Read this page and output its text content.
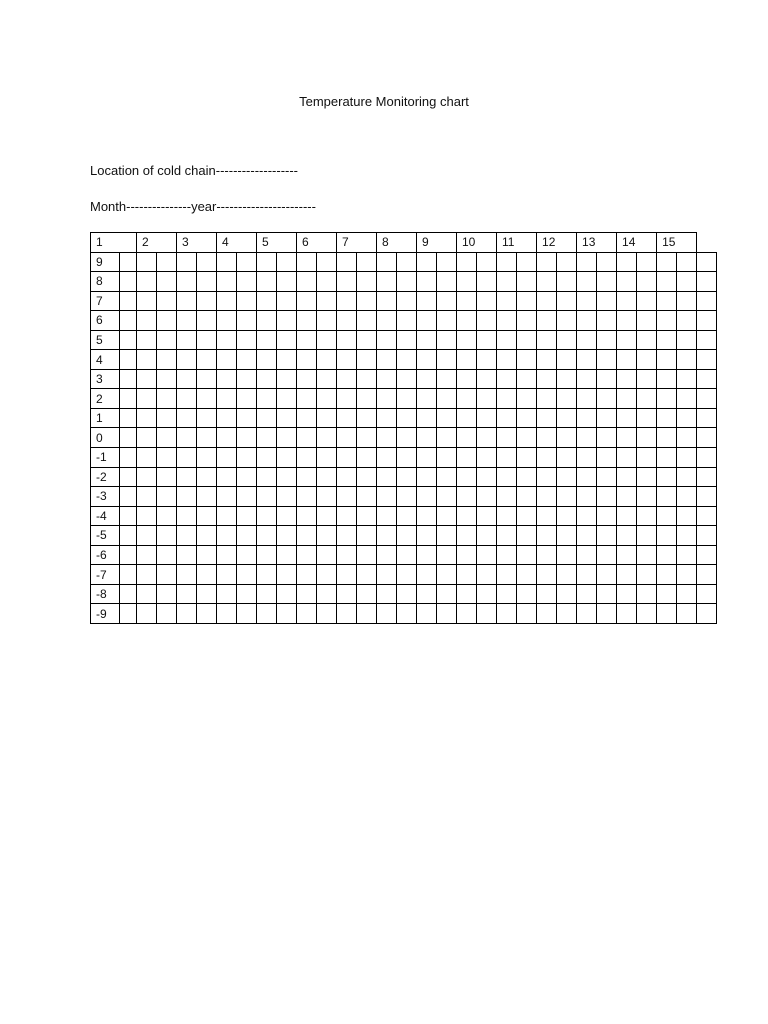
Temperature Monitoring chart
Location of cold chain-------------------
Month---------------year-----------------------
1		2		3		4		5		6		7		8		9		10		11		12		13		14		15		
9																														
8																														
7																														
6																														
5																														
4																														
3																														
2																														
1																														
0																														
-1																														
-2																														
-3																														
-4																														
-5																														
-6																														
-7																														
-8																														
-9																														
